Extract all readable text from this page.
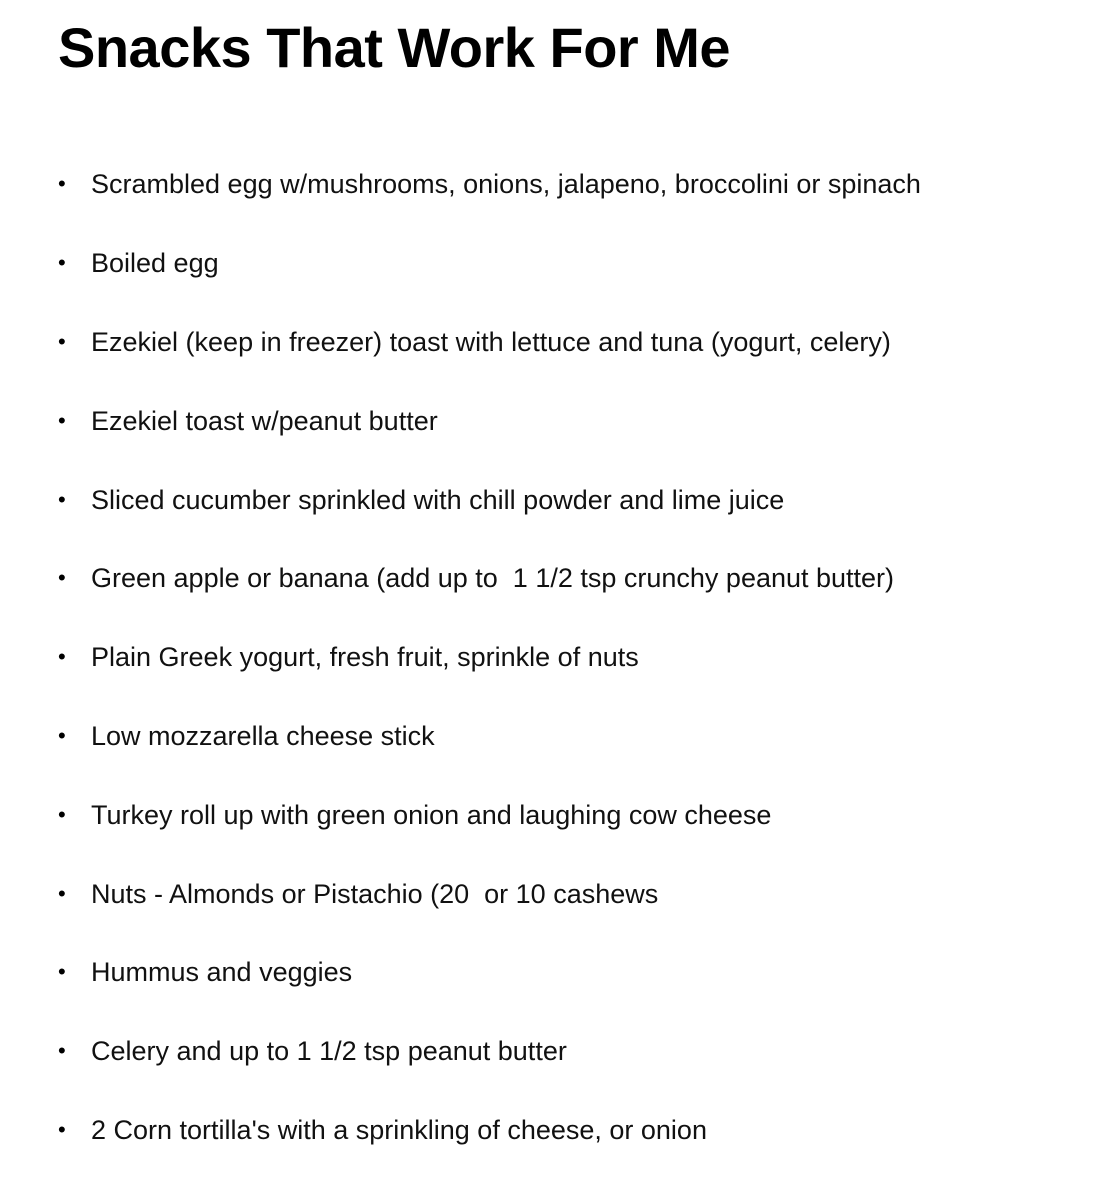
Snacks That Work For Me
• Scrambled egg w/mushrooms, onions, jalapeno, broccolini or spinach
• Boiled egg
• Ezekiel (keep in freezer) toast with lettuce and tuna (yogurt, celery)
• Ezekiel toast w/peanut butter
• Sliced cucumber sprinkled with chill powder and lime juice
• Green apple or banana (add up to  1 1/2 tsp crunchy peanut butter)
• Plain Greek yogurt, fresh fruit, sprinkle of nuts
• Low mozzarella cheese stick
• Turkey roll up with green onion and laughing cow cheese
• Nuts - Almonds or Pistachio (20  or 10 cashews
• Hummus and veggies
• Celery and up to 1 1/2 tsp peanut butter
• 2 Corn tortilla's with a sprinkling of cheese, or onion
